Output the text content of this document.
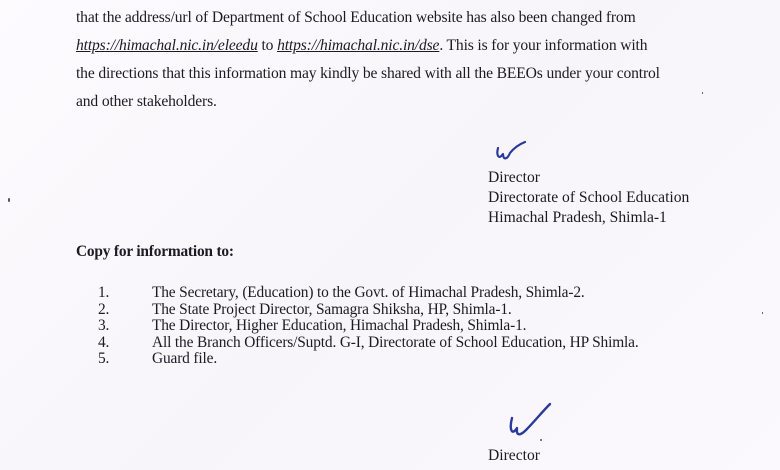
that the address/url of Department of School Education website has also been changed from
https://himachal.nic.in/eleedu to https://himachal.nic.in/dse. This is for your information with
the directions that this information may kindly be shared with all the BEEOs under your control
and other stakeholders.
Director
Directorate of School Education
Himachal Pradesh, Shimla-1
Copy for information to:
1.	The Secretary, (Education) to the Govt. of Himachal Pradesh, Shimla-2.
2.	The State Project Director, Samagra Shiksha, HP, Shimla-1.
3.	The Director, Higher Education, Himachal Pradesh, Shimla-1.
4.	All the Branch Officers/Suptd. G-I, Directorate of School Education, HP Shimla.
5.	Guard file.
Director
